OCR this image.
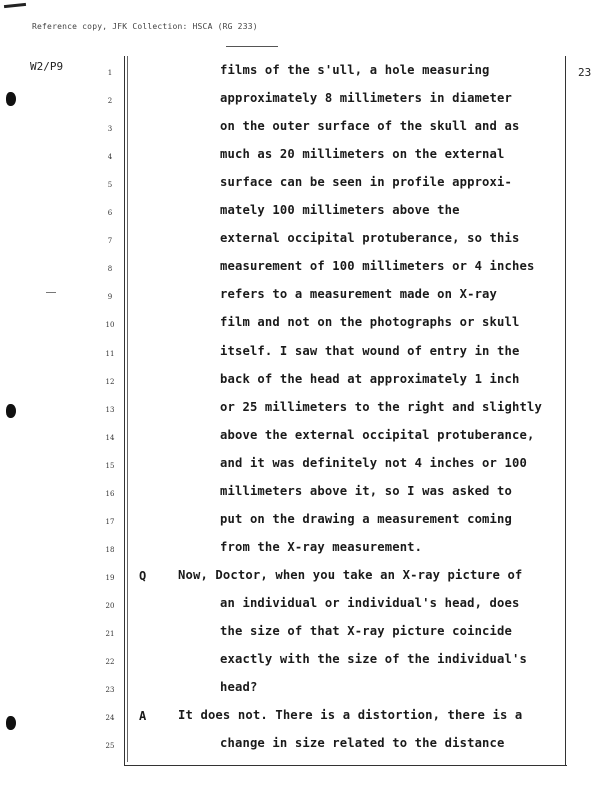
Reference copy, JFK Collection: HSCA (RG 233)
W2/P9	23
1	films of the s'ull, a hole measuring
2	approximately 8 millimeters in diameter
3	on the outer surface of the skull and as
4	much as 20 millimeters on the external
5	surface can be seen in profile approxi-
6	mately 100 millimeters above the
7	external occipital protuberance, so this
8	measurement of 100 millimeters or 4 inches
9	refers to a measurement made on X-ray
10	film and not on the photographs or skull
11	itself. I saw that wound of entry in the
12	back of the head at approximately 1 inch
13	or 25 millimeters to the right and slightly
14	above the external occipital protuberance,
15	and it was definitely not 4 inches or 100
16	millimeters above it, so I was asked to
17	put on the drawing a measurement coming
18	from the X-ray measurement.
19	Q	Now, Doctor, when you take an X-ray picture of
20	an individual or individual's head, does
21	the size of that X-ray picture coincide
22	exactly with the size of the individual's
23	head?
24	A	It does not. There is a distortion, there is a
25	change in size related to the distance
